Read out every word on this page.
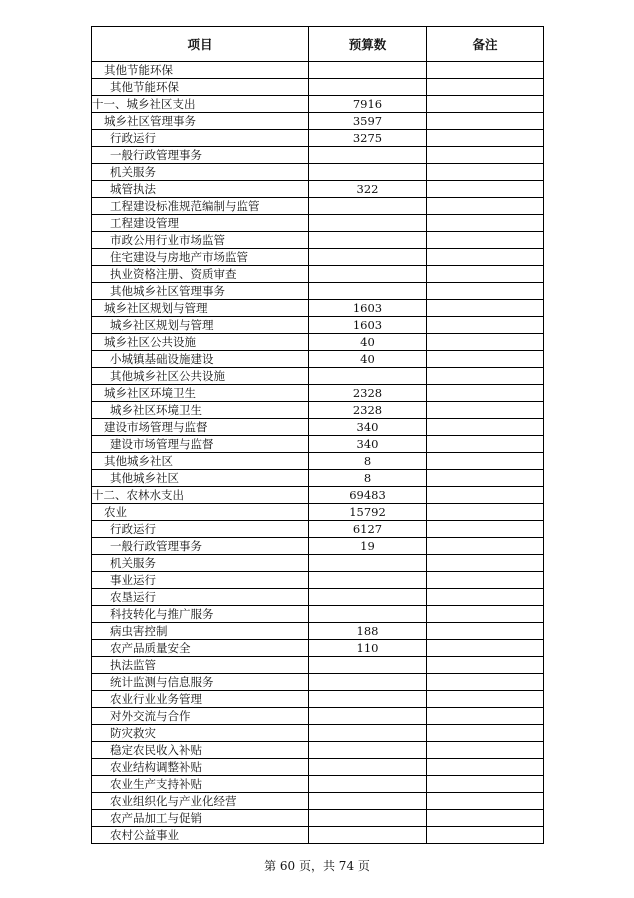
项目	预算数	备注
其他节能环保		
其他节能环保		
十一、城乡社区支出	7916	
城乡社区管理事务	3597	
行政运行	3275	
一般行政管理事务		
机关服务		
城管执法	322	
工程建设标准规范编制与监管		
工程建设管理		
市政公用行业市场监管		
住宅建设与房地产市场监管		
执业资格注册、资质审查		
其他城乡社区管理事务		
城乡社区规划与管理	1603	
城乡社区规划与管理	1603	
城乡社区公共设施	40	
小城镇基础设施建设	40	
其他城乡社区公共设施		
城乡社区环境卫生	2328	
城乡社区环境卫生	2328	
建设市场管理与监督	340	
建设市场管理与监督	340	
其他城乡社区	8	
其他城乡社区	8	
十二、农林水支出	69483	
农业	15792	
行政运行	6127	
一般行政管理事务	19	
机关服务		
事业运行		
农垦运行		
科技转化与推广服务		
病虫害控制	188	
农产品质量安全	110	
执法监管		
统计监测与信息服务		
农业行业业务管理		
对外交流与合作		
防灾救灾		
稳定农民收入补贴		
农业结构调整补贴		
农业生产支持补贴		
农业组织化与产业化经营		
农产品加工与促销		
农村公益事业		
第 60 页，共 74 页
